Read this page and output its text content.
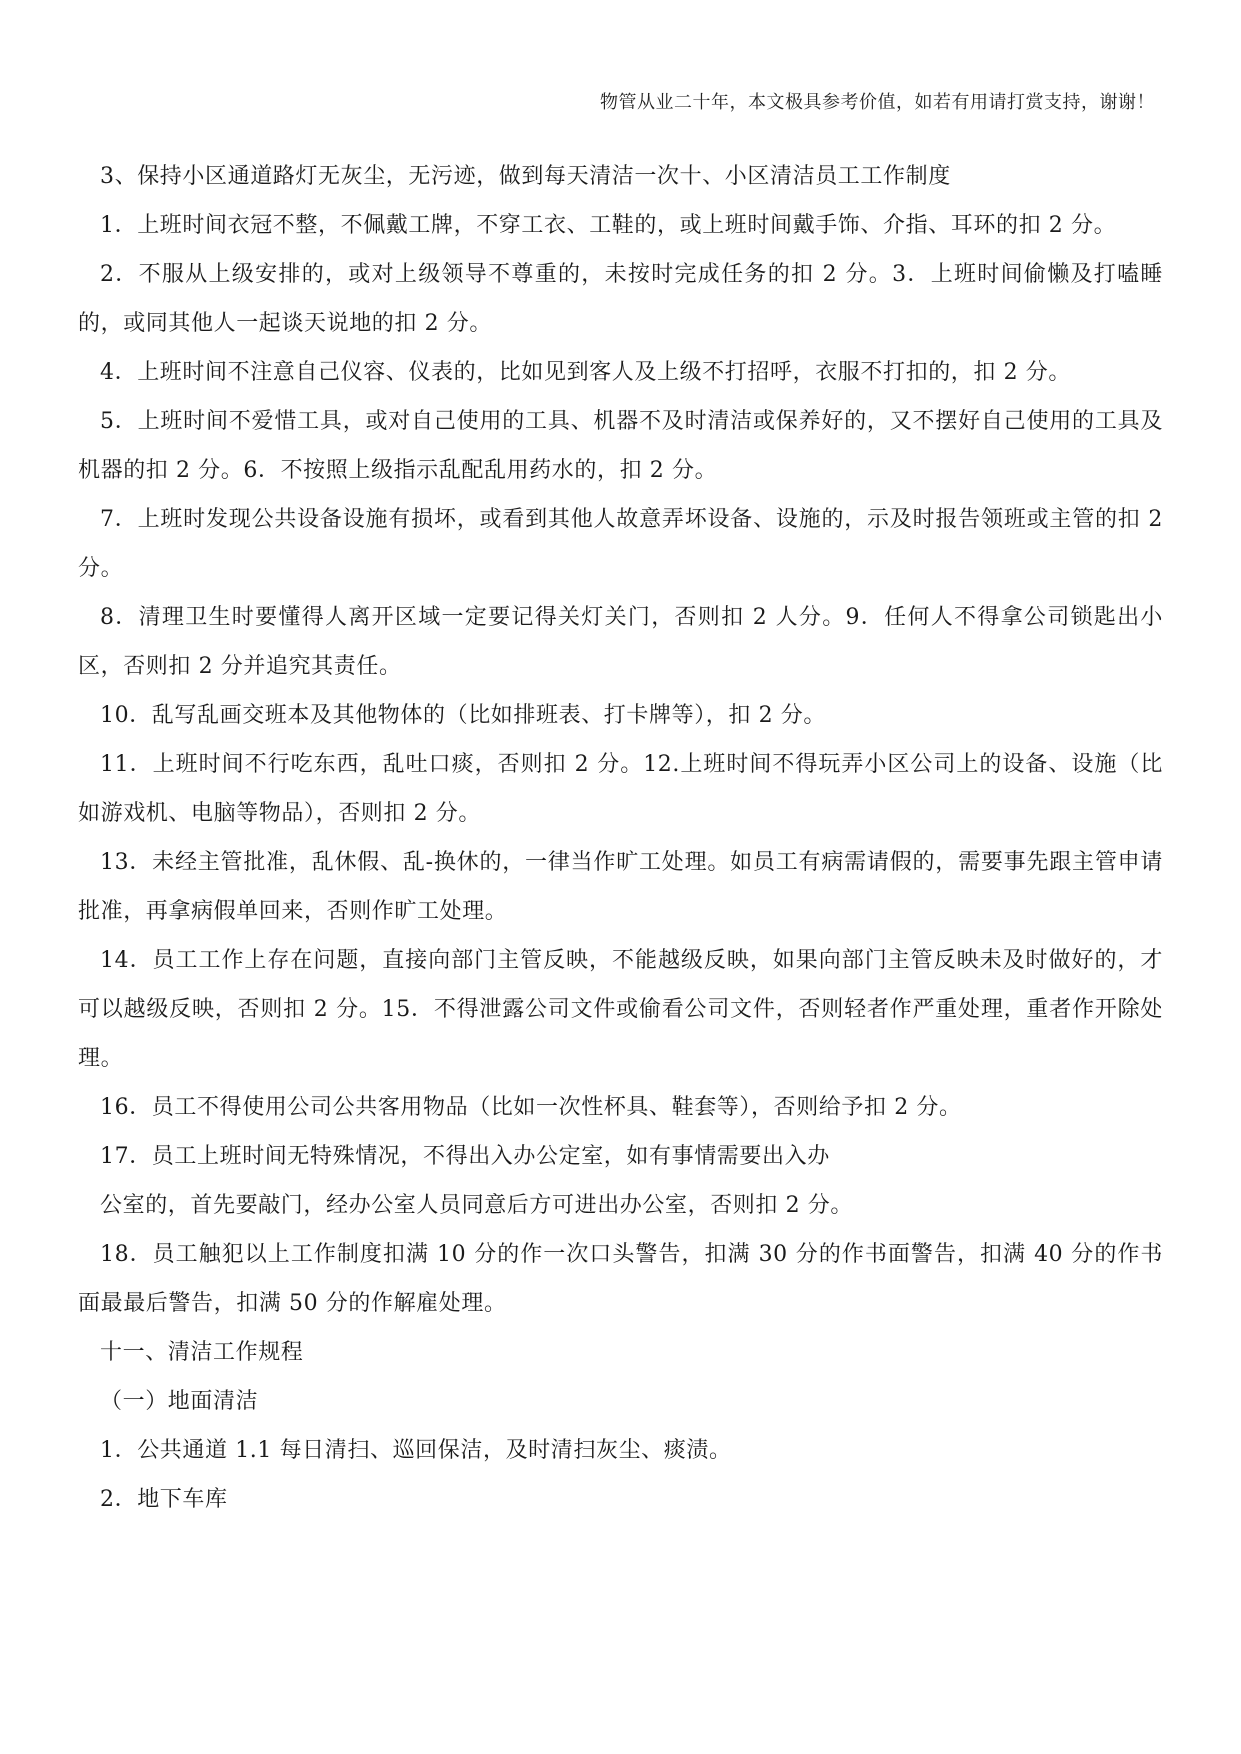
物管从业二十年，本文极具参考价值，如若有用请打赏支持，谢谢！

3、保持小区通道路灯无灰尘，无污迹，做到每天清洁一次十、小区清洁员工工作制度

1．上班时间衣冠不整，不佩戴工牌，不穿工衣、工鞋的，或上班时间戴手饰、介指、耳环的扣 2 分。

2．不服从上级安排的，或对上级领导不尊重的，未按时完成任务的扣 2 分。3．上班时间偷懒及打嗑睡的，或同其他人一起谈天说地的扣 2 分。

4．上班时间不注意自己仪容、仪表的，比如见到客人及上级不打招呼，衣服不打扣的，扣 2 分。

5．上班时间不爱惜工具，或对自己使用的工具、机器不及时清洁或保养好的，又不摆好自己使用的工具及机器的扣 2 分。6．不按照上级指示乱配乱用药水的，扣 2 分。

7．上班时发现公共设备设施有损坏，或看到其他人故意弄坏设备、设施的，示及时报告领班或主管的扣 2 分。

8．清理卫生时要懂得人离开区域一定要记得关灯关门，否则扣 2 人分。9．任何人不得拿公司锁匙出小区，否则扣 2 分并追究其责任。

10．乱写乱画交班本及其他物体的（比如排班表、打卡牌等），扣 2 分。

11．上班时间不行吃东西，乱吐口痰，否则扣 2 分。12.上班时间不得玩弄小区公司上的设备、设施（比如游戏机、电脑等物品），否则扣 2 分。

13．未经主管批准，乱休假、乱-换休的，一律当作旷工处理。如员工有病需请假的，需要事先跟主管申请批准，再拿病假单回来，否则作旷工处理。

14．员工工作上存在问题，直接向部门主管反映，不能越级反映，如果向部门主管反映未及时做好的，才可以越级反映，否则扣 2 分。15．不得泄露公司文件或偷看公司文件，否则轻者作严重处理，重者作开除处理。

16．员工不得使用公司公共客用物品（比如一次性杯具、鞋套等），否则给予扣 2 分。

17．员工上班时间无特殊情况，不得出入办公定室，如有事情需要出入办

公室的，首先要敲门，经办公室人员同意后方可进出办公室，否则扣 2 分。

18．员工触犯以上工作制度扣满 10 分的作一次口头警告，扣满 30 分的作书面警告，扣满 40 分的作书面最最后警告，扣满 50 分的作解雇处理。

十一、清洁工作规程

（一）地面清洁

1．公共通道 1.1 每日清扫、巡回保洁，及时清扫灰尘、痰渍。

2．地下车库
